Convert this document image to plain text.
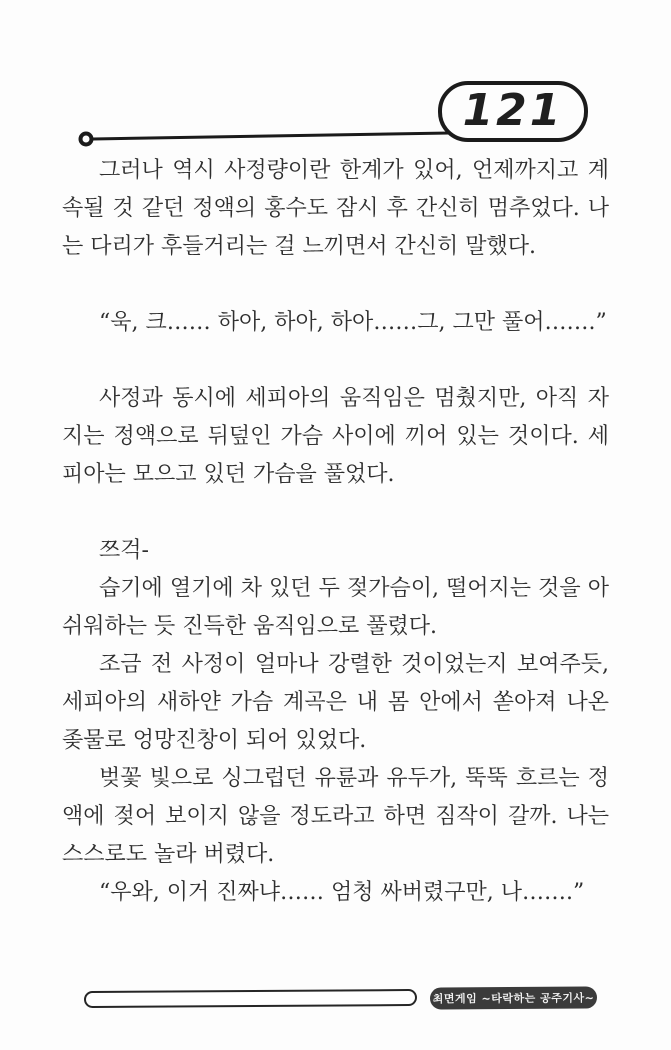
121

그러나 역시 사정량이란 한계가 있어, 언제까지고 계속될 것 같던 정액의 홍수도 잠시 후 간신히 멈추었다. 나는 다리가 후들거리는 걸 느끼면서 간신히 말했다.

“욱, 크…… 하아, 하아, 하아……그, 그만 풀어…….”

사정과 동시에 세피아의 움직임은 멈췄지만, 아직 자지는 정액으로 뒤덮인 가슴 사이에 끼어 있는 것이다. 세피아는 모으고 있던 가슴을 풀었다.

쯔걱-

습기에 열기에 차 있던 두 젖가슴이, 떨어지는 것을 아쉬워하는 듯 진득한 움직임으로 풀렸다.

조금 전 사정이 얼마나 강렬한 것이었는지 보여주듯, 세피아의 새하얀 가슴 계곡은 내 몸 안에서 쏟아져 나온 좆물로 엉망진창이 되어 있었다.

벚꽃 빛으로 싱그럽던 유륜과 유두가, 뚝뚝 흐르는 정액에 젖어 보이지 않을 정도라고 하면 짐작이 갈까. 나는 스스로도 놀라 버렸다.

“우와, 이거 진짜냐…… 엄청 싸버렸구만, 나…….”

최면게임 ~타락하는 공주기사~
